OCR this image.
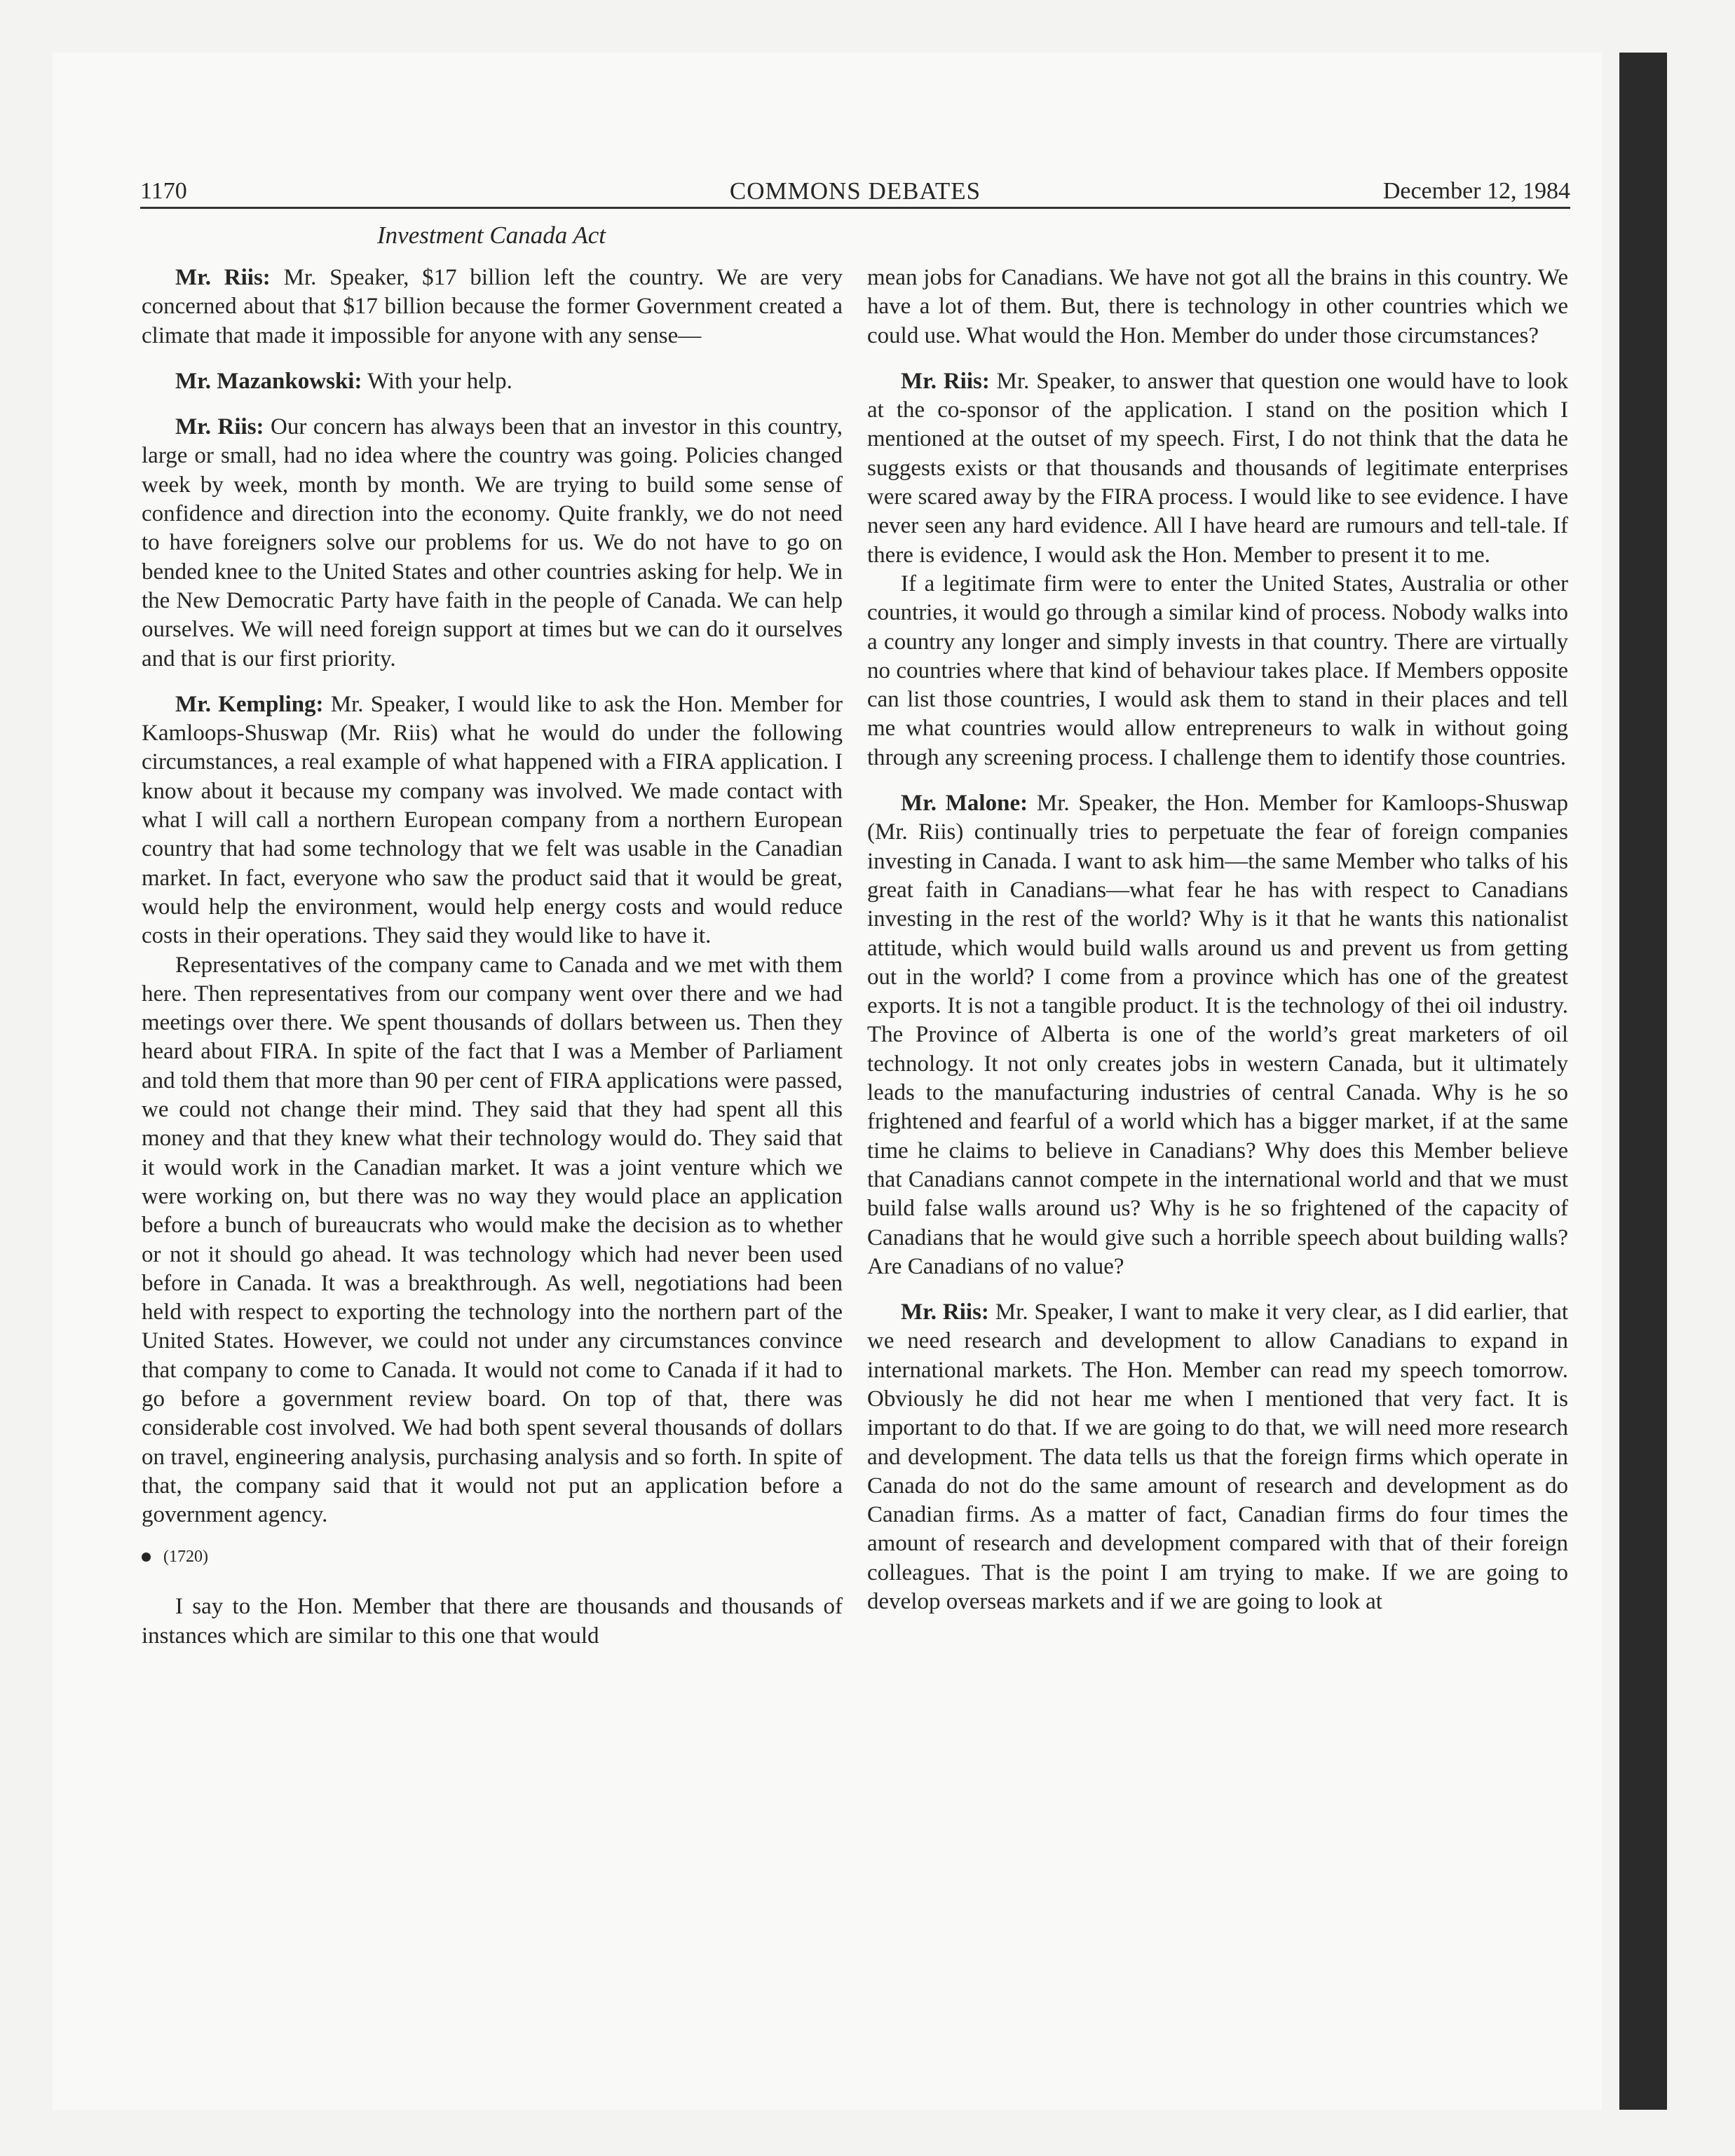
1170	COMMONS DEBATES	December 12, 1984
Investment Canada Act

Mr. Riis: Mr. Speaker, $17 billion left the country. We are very concerned about that $17 billion because the former Government created a climate that made it impossible for anyone with any sense—

Mr. Mazankowski: With your help.

Mr. Riis: Our concern has always been that an investor in this country, large or small, had no idea where the country was going. Policies changed week by week, month by month. We are trying to build some sense of confidence and direction into the economy. Quite frankly, we do not need to have foreigners solve our problems for us. We do not have to go on bended knee to the United States and other countries asking for help. We in the New Democratic Party have faith in the people of Canada. We can help ourselves. We will need foreign support at times but we can do it ourselves and that is our first priority.

Mr. Kempling: Mr. Speaker, I would like to ask the Hon. Member for Kamloops-Shuswap (Mr. Riis) what he would do under the following circumstances, a real example of what happened with a FIRA application. I know about it because my company was involved. We made contact with what I will call a northern European company from a northern European country that had some technology that we felt was usable in the Canadian market. In fact, everyone who saw the product said that it would be great, would help the environment, would help energy costs and would reduce costs in their operations. They said they would like to have it.

Representatives of the company came to Canada and we met with them here. Then representatives from our company went over there and we had meetings over there. We spent thousands of dollars between us. Then they heard about FIRA. In spite of the fact that I was a Member of Parliament and told them that more than 90 per cent of FIRA applications were passed, we could not change their mind. They said that they had spent all this money and that they knew what their technology would do. They said that it would work in the Canadian market. It was a joint venture which we were working on, but there was no way they would place an application before a bunch of bureaucrats who would make the decision as to whether or not it should go ahead. It was technology which had never been used before in Canada. It was a breakthrough. As well, negotiations had been held with respect to exporting the technology into the northern part of the United States. However, we could not under any circumstances convince that company to come to Canada. It would not come to Canada if it had to go before a government review board. On top of that, there was considerable cost involved. We had both spent several thousands of dollars on travel, engineering analysis, purchasing analysis and so forth. In spite of that, the company said that it would not put an application before a government agency.

(1720)

I say to the Hon. Member that there are thousands and thousands of instances which are similar to this one that would

mean jobs for Canadians. We have not got all the brains in this country. We have a lot of them. But, there is technology in other countries which we could use. What would the Hon. Member do under those circumstances?

Mr. Riis: Mr. Speaker, to answer that question one would have to look at the co-sponsor of the application. I stand on the position which I mentioned at the outset of my speech. First, I do not think that the data he suggests exists or that thousands and thousands of legitimate enterprises were scared away by the FIRA process. I would like to see evidence. I have never seen any hard evidence. All I have heard are rumours and tell-tale. If there is evidence, I would ask the Hon. Member to present it to me.

If a legitimate firm were to enter the United States, Australia or other countries, it would go through a similar kind of process. Nobody walks into a country any longer and simply invests in that country. There are virtually no countries where that kind of behaviour takes place. If Members opposite can list those countries, I would ask them to stand in their places and tell me what countries would allow entrepreneurs to walk in without going through any screening process. I challenge them to identify those countries.

Mr. Malone: Mr. Speaker, the Hon. Member for Kamloops-Shuswap (Mr. Riis) continually tries to perpetuate the fear of foreign companies investing in Canada. I want to ask him—the same Member who talks of his great faith in Canadians—what fear he has with respect to Canadians investing in the rest of the world? Why is it that he wants this nationalist attitude, which would build walls around us and prevent us from getting out in the world? I come from a province which has one of the greatest exports. It is not a tangible product. It is the technology of thei oil industry. The Province of Alberta is one of the world’s great marketers of oil technology. It not only creates jobs in western Canada, but it ultimately leads to the manufacturing industries of central Canada. Why is he so frightened and fearful of a world which has a bigger market, if at the same time he claims to believe in Canadians? Why does this Member believe that Canadians cannot compete in the international world and that we must build false walls around us? Why is he so frightened of the capacity of Canadians that he would give such a horrible speech about building walls? Are Canadians of no value?

Mr. Riis: Mr. Speaker, I want to make it very clear, as I did earlier, that we need research and development to allow Canadians to expand in international markets. The Hon. Member can read my speech tomorrow. Obviously he did not hear me when I mentioned that very fact. It is important to do that. If we are going to do that, we will need more research and development. The data tells us that the foreign firms which operate in Canada do not do the same amount of research and development as do Canadian firms. As a matter of fact, Canadian firms do four times the amount of research and development compared with that of their foreign colleagues. That is the point I am trying to make. If we are going to develop overseas markets and if we are going to look at
